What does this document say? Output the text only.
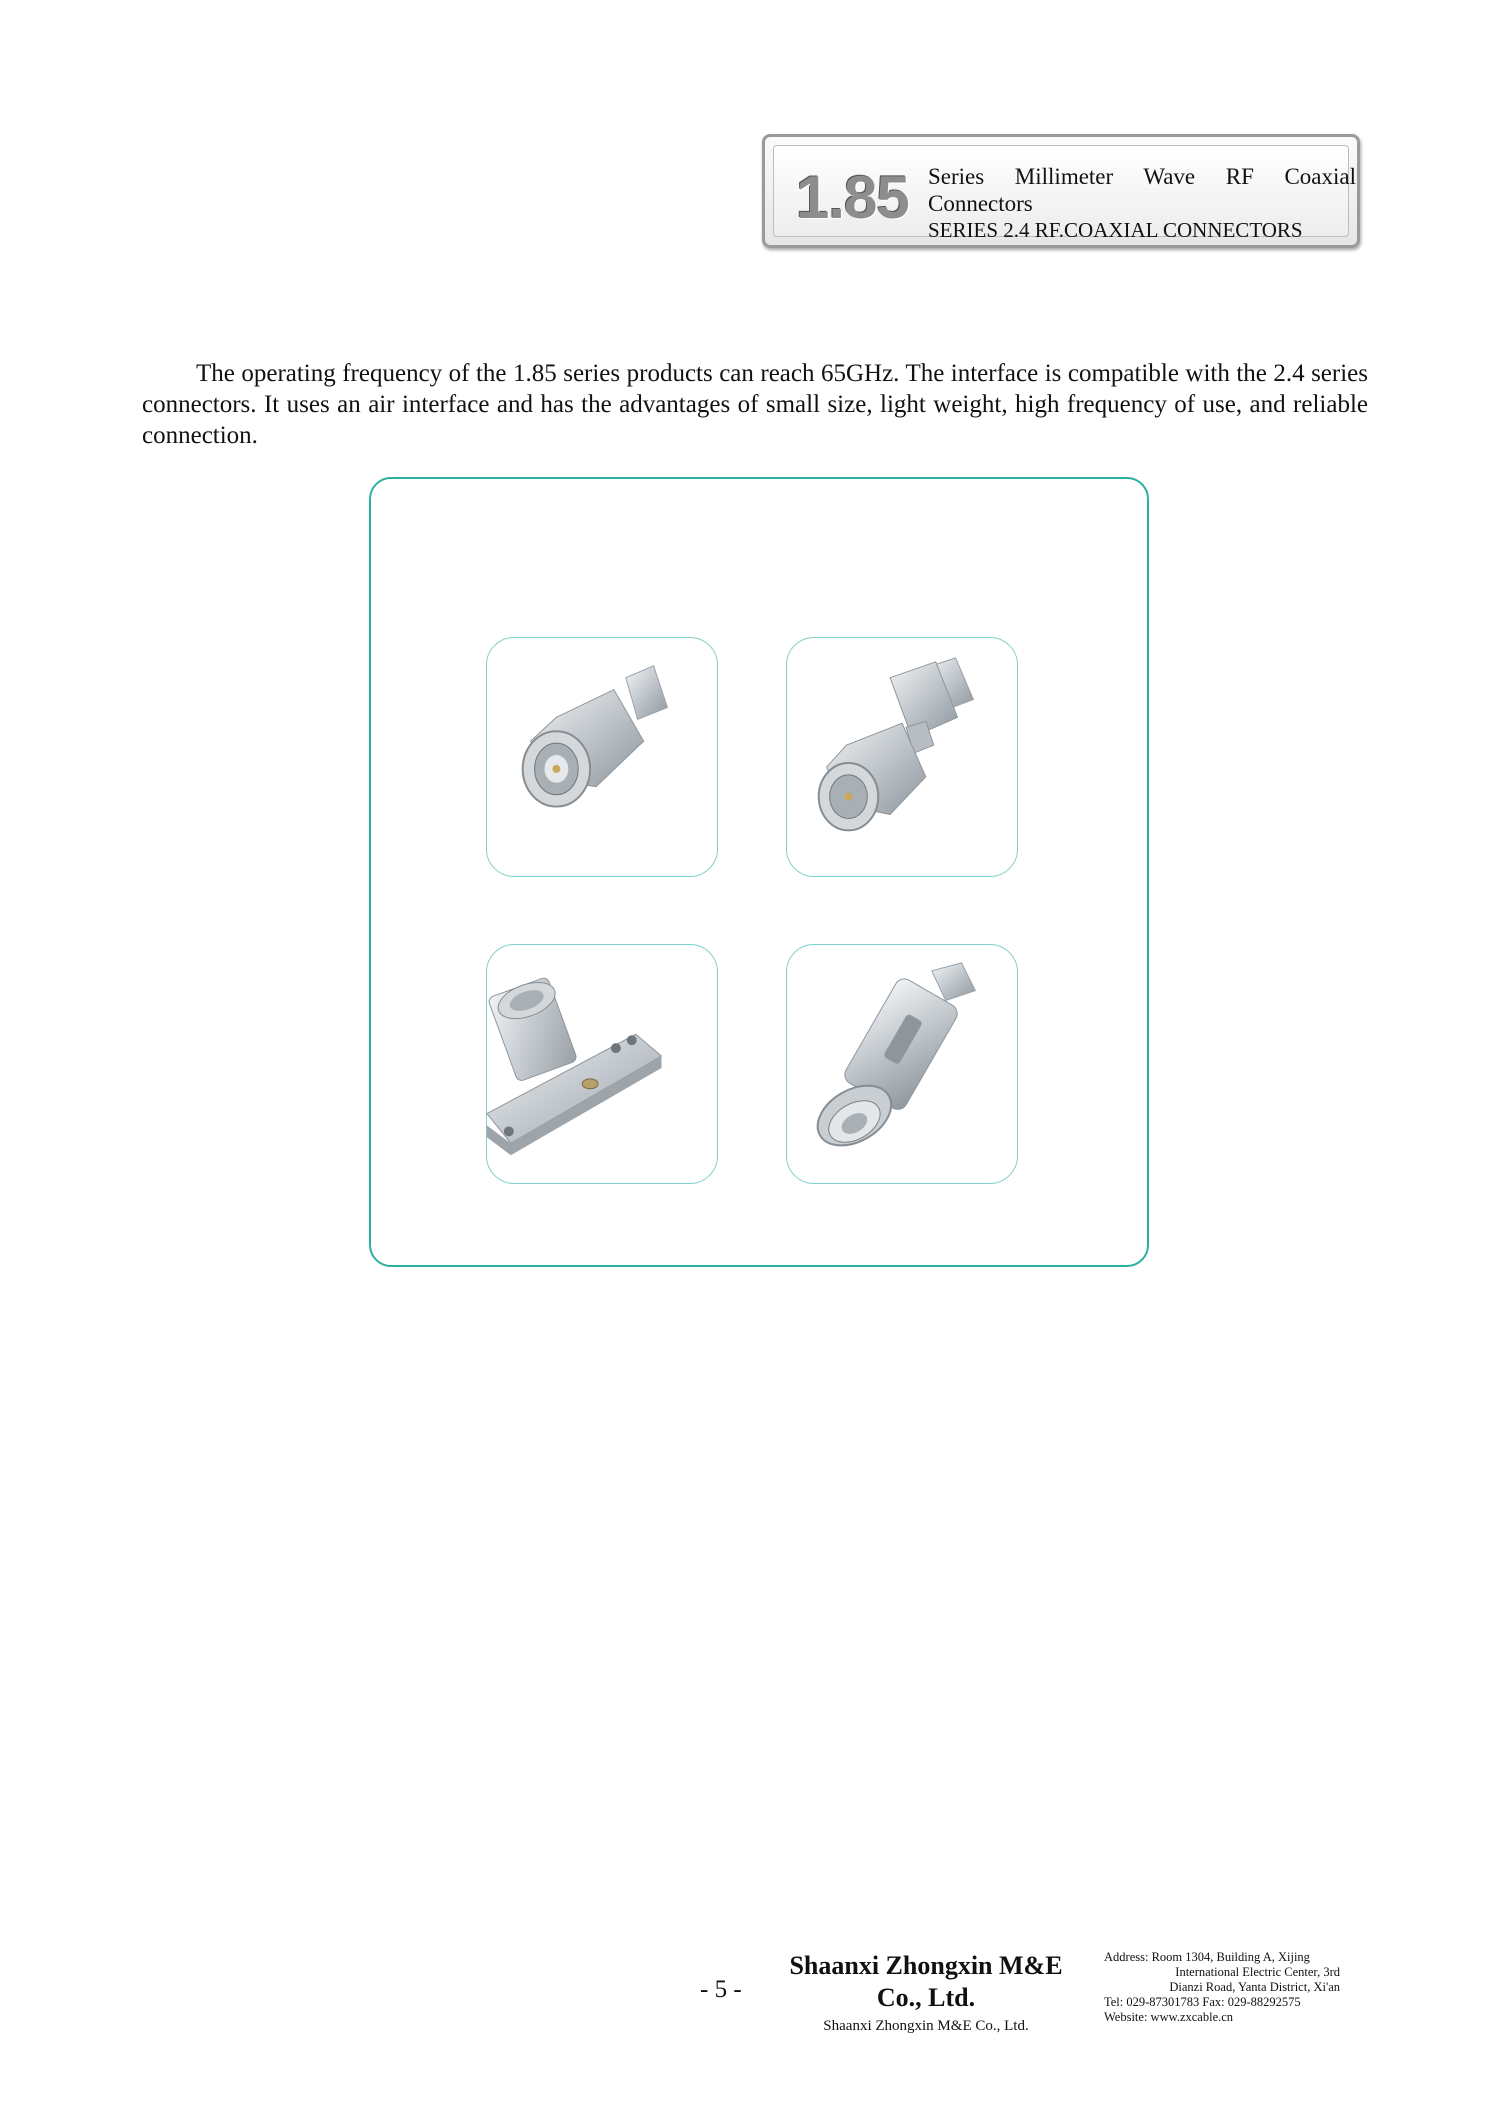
1.85 Series Millimeter Wave RF Coaxial
Connectors
SERIES 2.4 RF.COAXIAL CONNECTORS

The operating frequency of the 1.85 series products can reach 65GHz. The interface is compatible with the 2.4 series connectors. It uses an air interface and has the advantages of small size, light weight, high frequency of use, and reliable connection.

- 5 -
Shaanxi Zhongxin M&E
Co., Ltd.
Shaanxi Zhongxin M&E Co., Ltd.
Address: Room 1304, Building A, Xijing
International Electric Center, 3rd
Dianzi Road, Yanta District, Xi'an
Tel: 029-87301783 Fax: 029-88292575
Website: www.zxcable.cn
